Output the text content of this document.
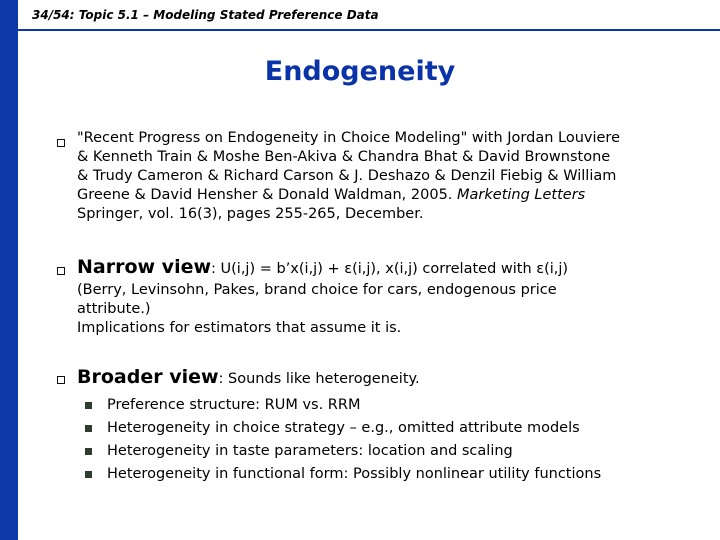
34/54: Topic 5.1 – Modeling Stated Preference Data
Endogeneity
"Recent Progress on Endogeneity in Choice Modeling" with Jordan Louviere
& Kenneth Train & Moshe Ben-Akiva & Chandra Bhat & David Brownstone
& Trudy Cameron & Richard Carson & J. Deshazo & Denzil Fiebig & William
Greene & David Hensher & Donald Waldman, 2005. Marketing Letters
Springer, vol. 16(3), pages 255-265, December.
Narrow view: U(i,j) = b’x(i,j) + ε(i,j), x(i,j) correlated with ε(i,j)
(Berry, Levinsohn, Pakes, brand choice for cars, endogenous price
attribute.)
Implications for estimators that assume it is.
Broader view: Sounds like heterogeneity.
Preference structure: RUM vs. RRM
Heterogeneity in choice strategy – e.g., omitted attribute models
Heterogeneity in taste parameters: location and scaling
Heterogeneity in functional form: Possibly nonlinear utility functions
